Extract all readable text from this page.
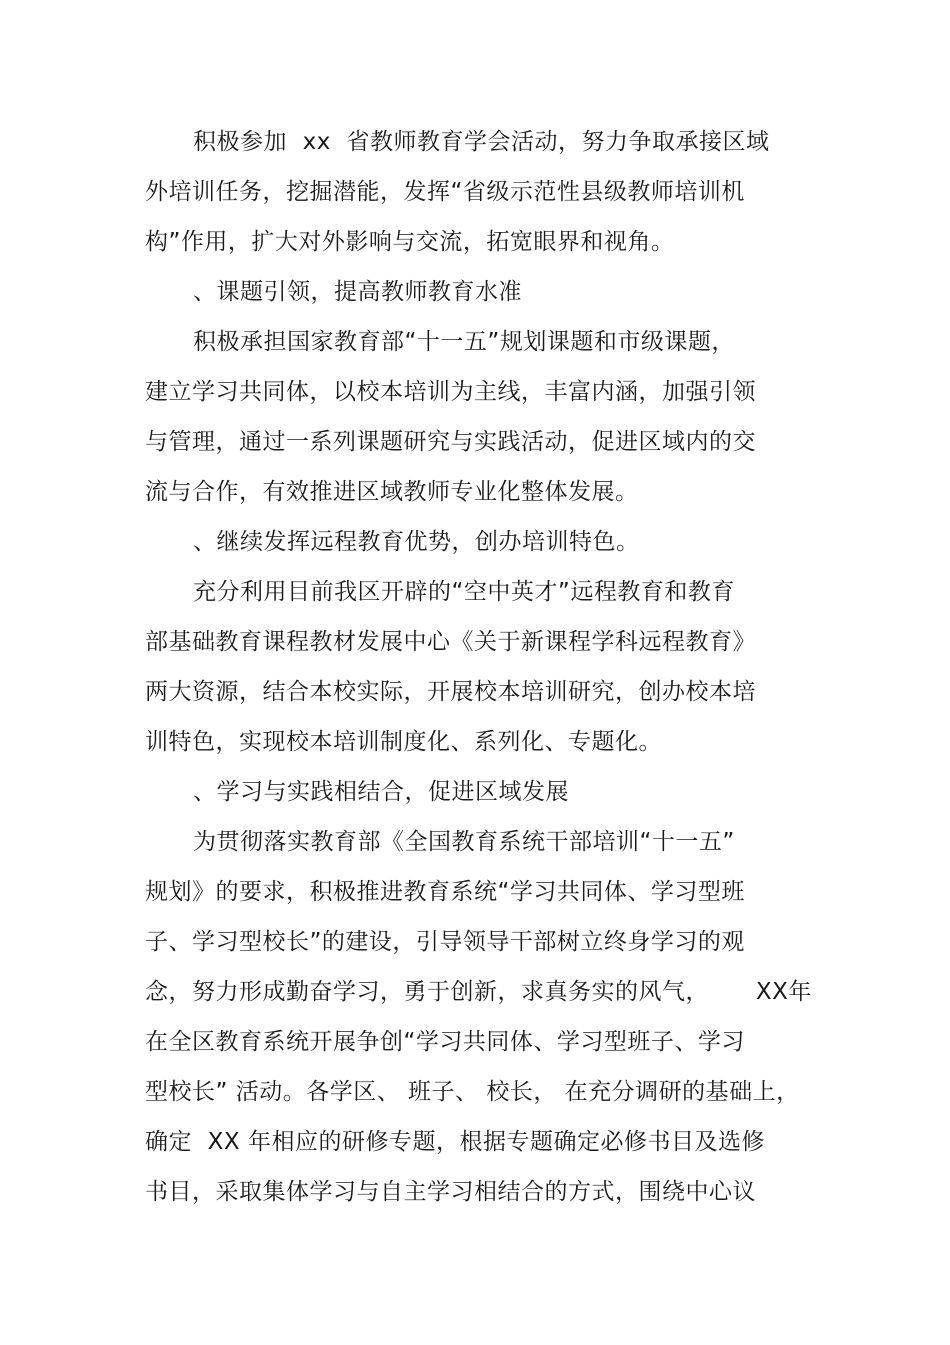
积极参加  xx  省教师教育学会活动，努力争取承接区域
外培训任务，挖掘潜能，发挥“省级示范性县级教师培训机
构”作用，扩大对外影响与交流，拓宽眼界和视角。
、课题引领，提高教师教育水准
积极承担国家教育部“十一五”规划课题和市级课题，
建立学习共同体，以校本培训为主线，丰富内涵，加强引领
与管理，通过一系列课题研究与实践活动，促进区域内的交
流与合作，有效推进区域教师专业化整体发展。
、继续发挥远程教育优势，创办培训特色。
充分利用目前我区开辟的“空中英才”远程教育和教育
部基础教育课程教材发展中心《关于新课程学科远程教育》
两大资源，结合本校实际，开展校本培训研究，创办校本培
训特色，实现校本培训制度化、系列化、专题化。
、学习与实践相结合，促进区域发展
为贯彻落实教育部《全国教育系统干部培训“十一五”
规划》的要求，积极推进教育系统“学习共同体、学习型班
子、学习型校长”的建设，引导领导干部树立终身学习的观
念，努力形成勤奋学习，勇于创新，求真务实的风气，      XX年
在全区教育系统开展争创“学习共同体、学习型班子、学习
型校长” 活动。各学区、 班子、 校长， 在充分调研的基础上，
确定  XX 年相应的研修专题，根据专题确定必修书目及选修
书目，采取集体学习与自主学习相结合的方式，围绕中心议
